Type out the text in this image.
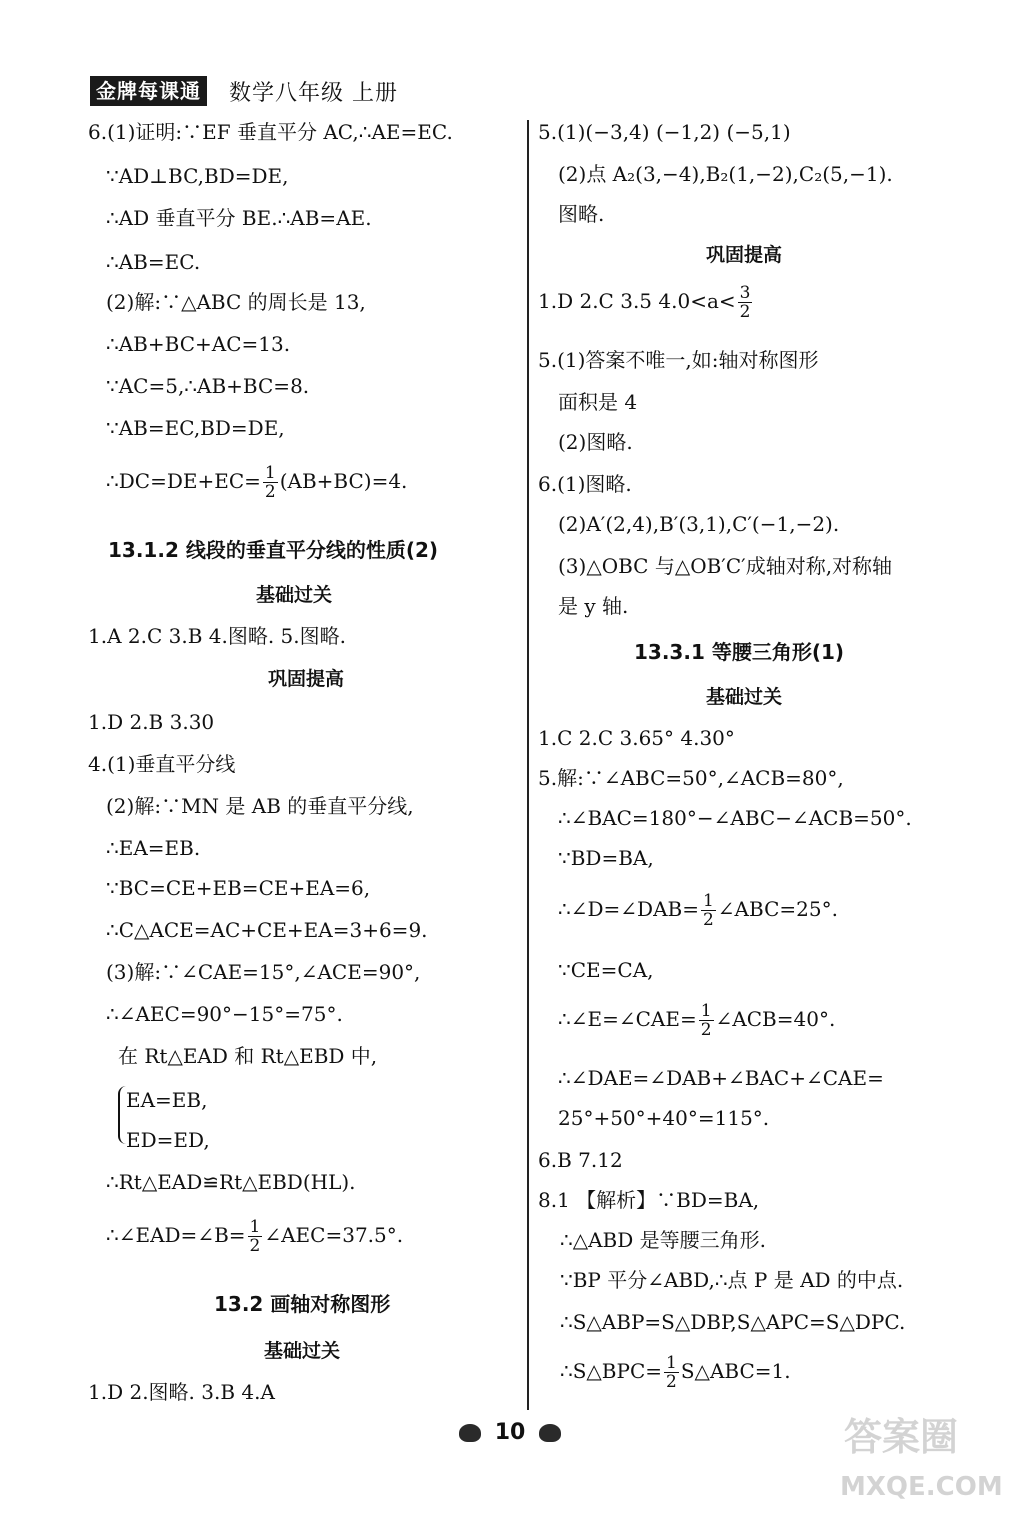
金牌每课通 数学八年级 上册
6.(1)证明:∵EF 垂直平分 AC,∴AE=EC.
∵AD⊥BC,BD=DE,
∴AD 垂直平分 BE.∴AB=AE.
∴AB=EC.
(2)解:∵△ABC 的周长是 13,
∴AB+BC+AC=13.
∵AC=5,∴AB+BC=8.
∵AB=EC,BD=DE,
∴DC=DE+EC= $\frac{1}{2} (AB+BC)=4$.
13.1.2 线段的垂直平分线的性质(2)
基础过关
1.A 2.C 3.B 4.图略. 5.图略.
巩固提高
1.D 2.B 3.30
4.(1)垂直平分线
(2)解:∵MN 是 AB 的垂直平分线,
∴EA=EB.
∵BC=CE+EB=CE+EA=6,
∴C△ACE=AC+CE+EA=3+6=9.
(3)解:∵∠CAE=15°,∠ACE=90°,
∴∠AEC=90°−15°=75°.
在 Rt△EAD 和 Rt△EBD 中,
EA=EB,
ED=ED,
∴Rt△EAD≌Rt△EBD(HL).
∴∠EAD=∠B= $\frac{1}{2}$ ∠AEC=37.5°.
13.2 画轴对称图形
基础过关
1.D 2.图略. 3.B 4.A
5.(1)(−3,4) (−1,2) (−5,1)
(2)点 A₂(3,−4),B₂(1,−2),C₂(5,−1).
图略.
巩固提高
1.D 2.C 3.5 $4.0<a< \frac{3}{2}$
5.(1)答案不唯一,如:轴对称图形
面积是 4
(2)图略.
6.(1)图略.
(2)A′(2,4),B′(3,1),C′(−1,−2).
(3)△OBC 与△OB′C′成轴对称,对称轴
是 y 轴.
13.3.1 等腰三角形(1)
基础过关
1.C 2.C 3.65° 4.30°
5.解:∵∠ABC=50°,∠ACB=80°,
∴∠BAC=180°−∠ABC−∠ACB=50°.
∵BD=BA,
∴∠D=∠DAB= $\frac{1}{2}$ ∠ABC=25°.
∵CE=CA,
∴∠E=∠CAE= $\frac{1}{2}$ ∠ACB=40°.
∴∠DAE=∠DAB+∠BAC+∠CAE=
25°+50°+40°=115°.
6.B 7.12
8.1 【解析】∵BD=BA,
∴△ABD 是等腰三角形.
∵BP 平分∠ABD,∴点 P 是 AD 的中点.
∴S△ABP=S△DBP,S△APC=S△DPC.
∴S△BPC= $\frac{1}{2}$ S△ABC=1.
10	答案圈
MXQE.COM
